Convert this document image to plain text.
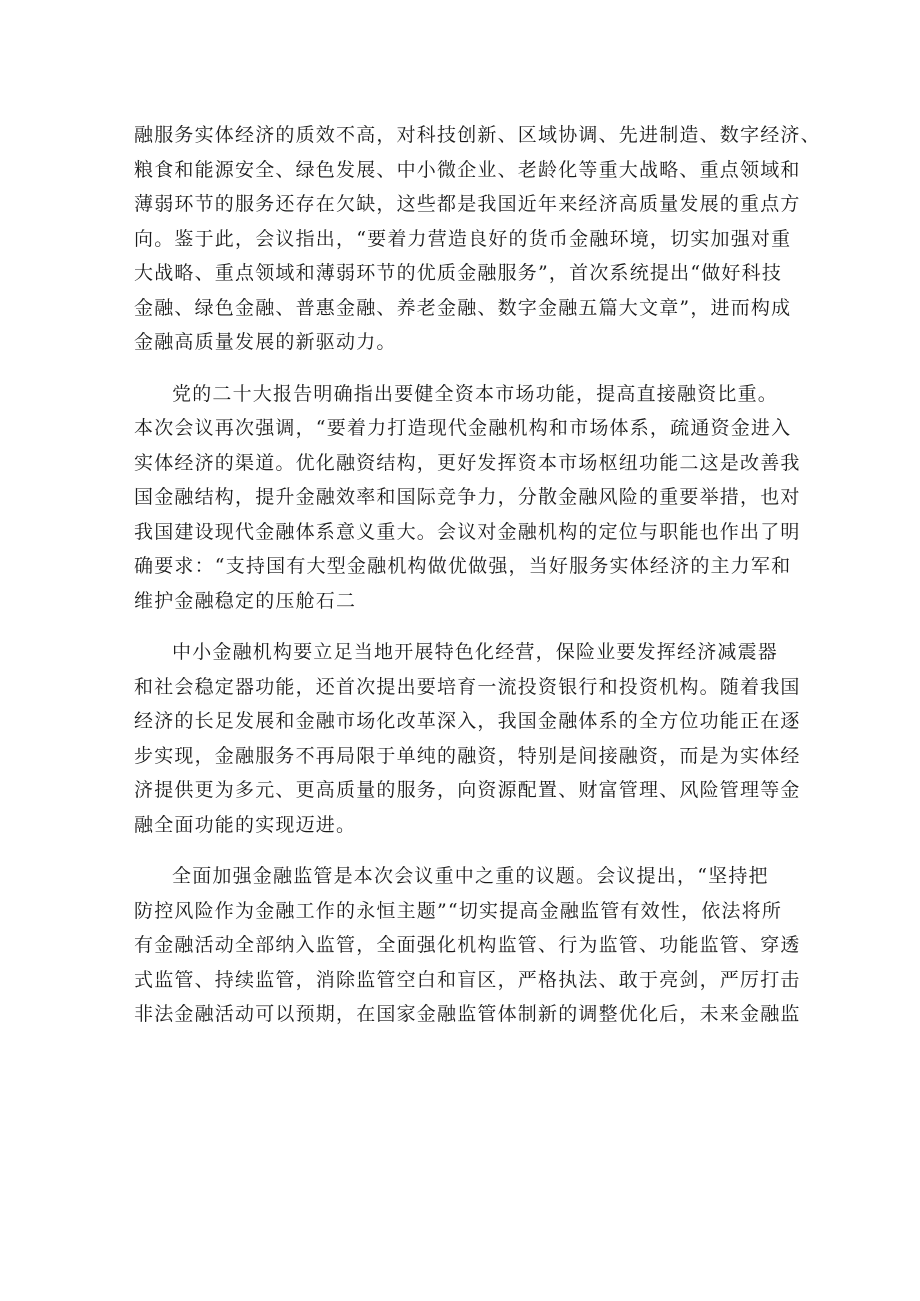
融服务实体经济的质效不高，对科技创新、区域协调、先进制造、数字经济、
粮食和能源安全、绿色发展、中小微企业、老龄化等重大战略、重点领域和
薄弱环节的服务还存在欠缺，这些都是我国近年来经济高质量发展的重点方
向。鉴于此，会议指出，“要着力营造良好的货币金融环境，切实加强对重
大战略、重点领域和薄弱环节的优质金融服务”，首次系统提出“做好科技
金融、绿色金融、普惠金融、养老金融、数字金融五篇大文章”，进而构成
金融高质量发展的新驱动力。
党的二十大报告明确指出要健全资本市场功能，提高直接融资比重。
本次会议再次强调，“要着力打造现代金融机构和市场体系，疏通资金进入
实体经济的渠道。优化融资结构，更好发挥资本市场枢纽功能二这是改善我
国金融结构，提升金融效率和国际竞争力，分散金融风险的重要举措，也对
我国建设现代金融体系意义重大。会议对金融机构的定位与职能也作出了明
确要求：“支持国有大型金融机构做优做强，当好服务实体经济的主力军和
维护金融稳定的压舱石二
中小金融机构要立足当地开展特色化经营，保险业要发挥经济减震器
和社会稳定器功能，还首次提出要培育一流投资银行和投资机构。随着我国
经济的长足发展和金融市场化改革深入，我国金融体系的全方位功能正在逐
步实现，金融服务不再局限于单纯的融资，特别是间接融资，而是为实体经
济提供更为多元、更高质量的服务，向资源配置、财富管理、风险管理等金
融全面功能的实现迈进。
全面加强金融监管是本次会议重中之重的议题。会议提出，“坚持把
防控风险作为金融工作的永恒主题”“切实提高金融监管有效性，依法将所
有金融活动全部纳入监管，全面强化机构监管、行为监管、功能监管、穿透
式监管、持续监管，消除监管空白和盲区，严格执法、敢于亮剑，严厉打击
非法金融活动可以预期，在国家金融监管体制新的调整优化后，未来金融监
